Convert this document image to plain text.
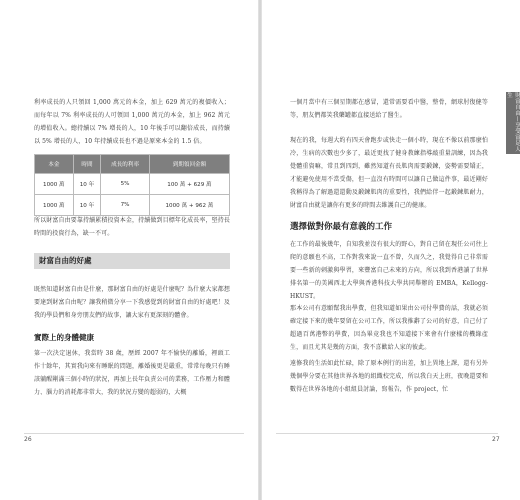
利率成長的人只領回 1,000 萬元的本金，加上 629 萬元的複價收入；而每年以 7% 利率成長的人可領回 1,000 萬元的本金，加上 962 萬元的增值收入。總持續以 7% 增長的人，10 年後手可以翻倍成長，而持續以 5% 增長的人，10 年持續成長也不過是原來本金的 1.5 倍。
本金	時間	成長的利率	到期領回金額
1000 萬	10 年	5%	100 萬 + 629 萬
1000 萬	10 年	7%	1000 萬 + 962 萬
所以財富自由要靠持續累積投資本金，持續做到目標年化成長率，堅持長時間的投資行為，缺一不可。
財富自由的好處
既然知道財富自由是什麼，那財富自由的好處是什麼呢？為什麼大家都想要達到財富自由呢？讓我稍微分享一下我感覺到的財富自由的好處吧！及我的學員們和身旁朋友們的故事，讓大家有更深刻的體會。
實際上的身體健康
第一次決定退休，我當時 38 歲，歷經 2007 年不愉快的離婚，裡頭工作十餘年，其實我向來有睡眠的問題，離婚後更是嚴重，常常每晚只有睡該躺醒剛滿三個小時的狀況，再加上長年負責公司的業務，工作壓力和體力、腦力的消耗都非常大，我的狀況方變的超弱的，大概
26
一個月當中有三個星期都在感冒，還常需要看中醫，整骨，網球肘復健等等，朋友們都笑我藥罐都直接送給了醫生。
現在的我，每週大約有四天會跑步或快走一個小時，現在不像以前那麼怕冷，生病的次數也少多了，最近更找了健身教練指導敲重量訓練，因為我覺體重資嘛，常且到四到，雖然知道有長肌肉需要鍛鍊，姿勢需要矯正，才能避免使用不當受傷，但一直沒有時間可以讓自己做這件事，最近剛好我稱得為了解過還還動及鍛鍊肌肉的重要性，我們給伴一起鍛鍊肌耐力，財富自由就是讓你有更多的時間去維護自己的健康。
選擇做對你最有意義的工作
在工作的最後幾年，自知我並沒有很大的野心，對自己留在現任公司往上爬的意願也不高，工作對我來說一直不曾，久而久之，我覺得自己非常需要一些新的刺激與學習，來豐富自己未來的方向，所以我到香港讀了世界排名第一的美國西北大學與香港科技大學共同舉辦的 EMBA，Kellogg-HKUST。
那本公司有意願幫我出學費，但我知道如果由公司付學費的話，我就必須確定接下來的幾年要留在公司工作，所以我推辭了公司的好意，自己付了超過百萬港幣的學費，因為畢竟我也不知道接下來會有什麼樣的機緣產生，而且尤其是幾的方面，我不喜歡給人家的彼此。
遠修我的生活如此忙碌，除了原本例行的出差，加上異地上課，還有另外幾個學分要在其他世界各地的組織校完成，所以我白天上班，夜晚還要和數得在世界各地的小組組員討論，寫報告，作 project，忙
財富自由—享受富足人生
27
